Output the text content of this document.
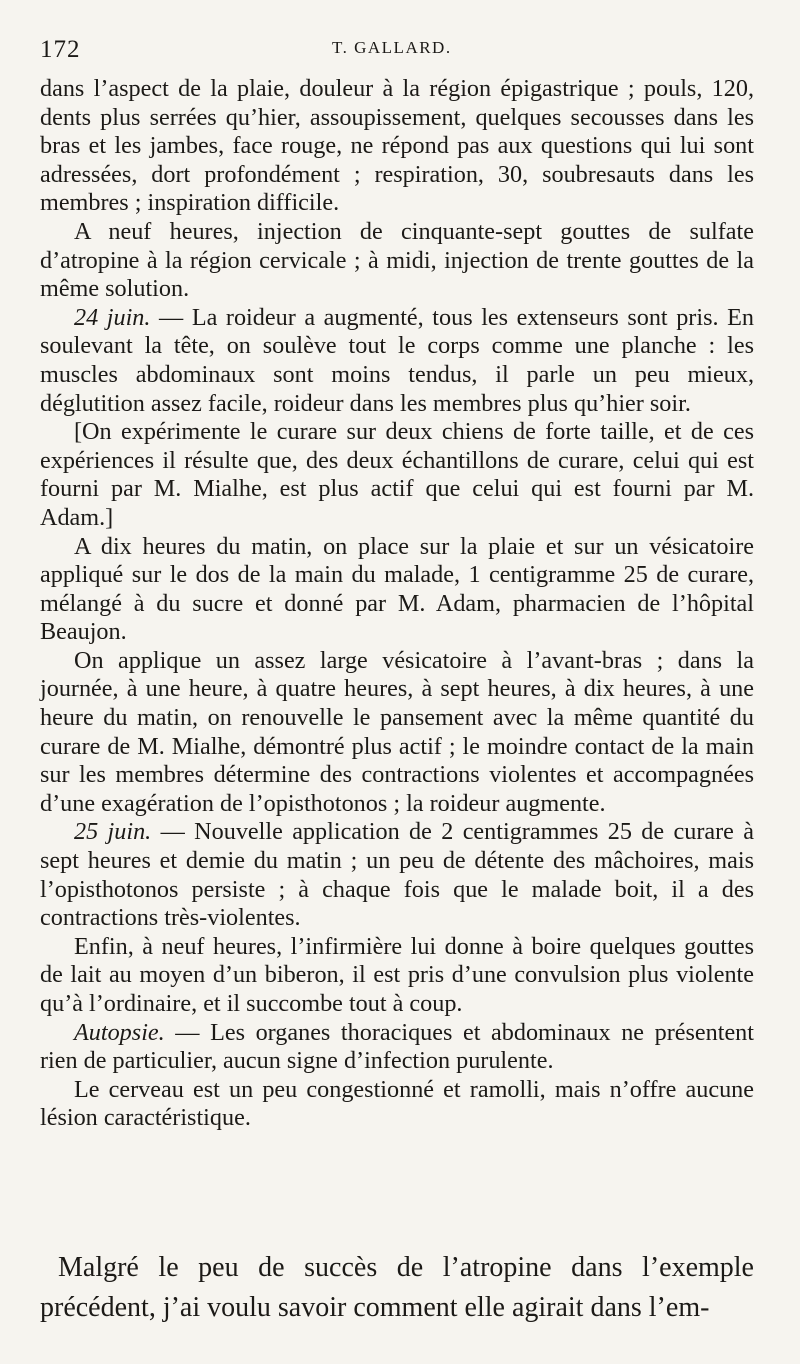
172	T. GALLARD.

dans l’aspect de la plaie, douleur à la région épigastrique ; pouls, 120, dents plus serrées qu’hier, assoupissement, quelques secousses dans les bras et les jambes, face rouge, ne répond pas aux questions qui lui sont adressées, dort profondément ; respiration, 30, soubresauts dans les membres ; inspiration difficile.

A neuf heures, injection de cinquante-sept gouttes de sulfate d’atropine à la région cervicale ; à midi, injection de trente gouttes de la même solution.

24 juin. — La roideur a augmenté, tous les extenseurs sont pris. En soulevant la tête, on soulève tout le corps comme une planche : les muscles abdominaux sont moins tendus, il parle un peu mieux, déglutition assez facile, roideur dans les membres plus qu’hier soir.

[On expérimente le curare sur deux chiens de forte taille, et de ces expériences il résulte que, des deux échantillons de curare, celui qui est fourni par M. Mialhe, est plus actif que celui qui est fourni par M. Adam.]

A dix heures du matin, on place sur la plaie et sur un vésicatoire appliqué sur le dos de la main du malade, 1 centigramme 25 de curare, mélangé à du sucre et donné par M. Adam, pharmacien de l’hôpital Beaujon.

On applique un assez large vésicatoire à l’avant-bras ; dans la journée, à une heure, à quatre heures, à sept heures, à dix heures, à une heure du matin, on renouvelle le pansement avec la même quantité du curare de M. Mialhe, démontré plus actif ; le moindre contact de la main sur les membres détermine des contractions violentes et accompagnées d’une exagération de l’opisthotonos ; la roideur augmente.

25 juin. — Nouvelle application de 2 centigrammes 25 de curare à sept heures et demie du matin ; un peu de détente des mâchoires, mais l’opisthotonos persiste ; à chaque fois que le malade boit, il a des contractions très-violentes.

Enfin, à neuf heures, l’infirmière lui donne à boire quelques gouttes de lait au moyen d’un biberon, il est pris d’une convulsion plus violente qu’à l’ordinaire, et il succombe tout à coup.

Autopsie. — Les organes thoraciques et abdominaux ne présentent rien de particulier, aucun signe d’infection purulente.

Le cerveau est un peu congestionné et ramolli, mais n’offre aucune lésion caractéristique.

Malgré le peu de succès de l’atropine dans l’exemple précédent, j’ai voulu savoir comment elle agirait dans l’em-
